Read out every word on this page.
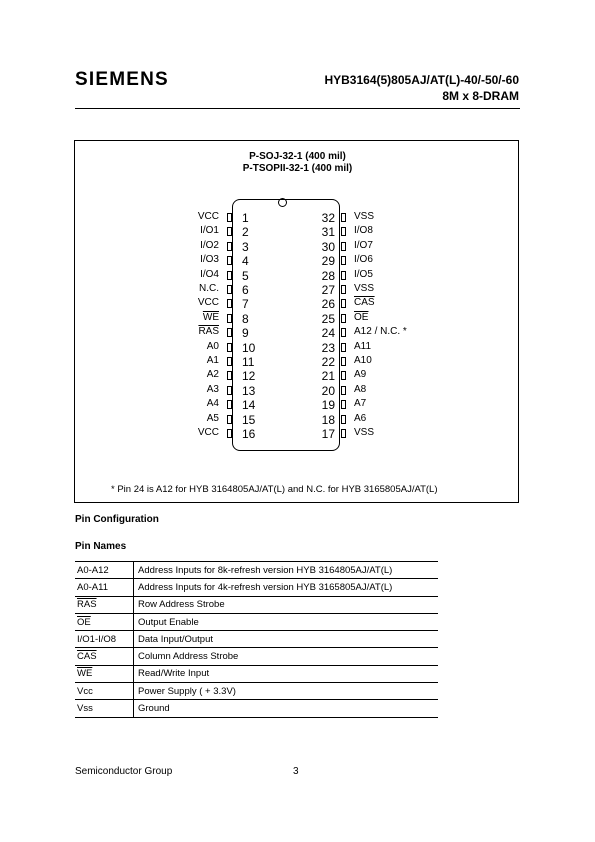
SIEMENS	HYB3164(5)805AJ/AT(L)-40/-50/-60
8M x 8-DRAM
P-SOJ-32-1 (400 mil)
P-TSOPII-32-1 (400 mil)
1
VCC
2
I/O1
3
I/O2
4
I/O3
5
I/O4
6
N.C.
7
VCC
8
$\overline{WE}$
9
$\overline{RAS}$
10
A0
11
A1
12
A2
13
A3
14
A4
15
A5
16
VCC
32 VSS
31 I/O8
30 I/O7
29 I/O6
28 I/O5
27 VSS
26 $\overline{CAS}$
25 $\overline{OE}$
24 A12 / N.C. *
23 A11
22 A10
21 A9
20 A8
19 A7
18 A6
17 VSS
* Pin 24 is A12 for HYB 3164805AJ/AT(L) and N.C. for HYB 3165805AJ/AT(L)
Pin Configuration
Pin Names
A0-A12	Address Inputs for 8k-refresh version HYB 3164805AJ/AT(L)
A0-A11	Address Inputs for 4k-refresh version HYB 3165805AJ/AT(L)
$\overline{RAS}$	Row Address Strobe
$\overline{OE}$	Output Enable
I/O1-I/O8	Data Input/Output
$\overline{CAS}$	Column Address Strobe
$\overline{WE}$	Read/Write Input
Vcc	Power Supply ( + 3.3V)
Vss	Ground
Semiconductor Group	3
